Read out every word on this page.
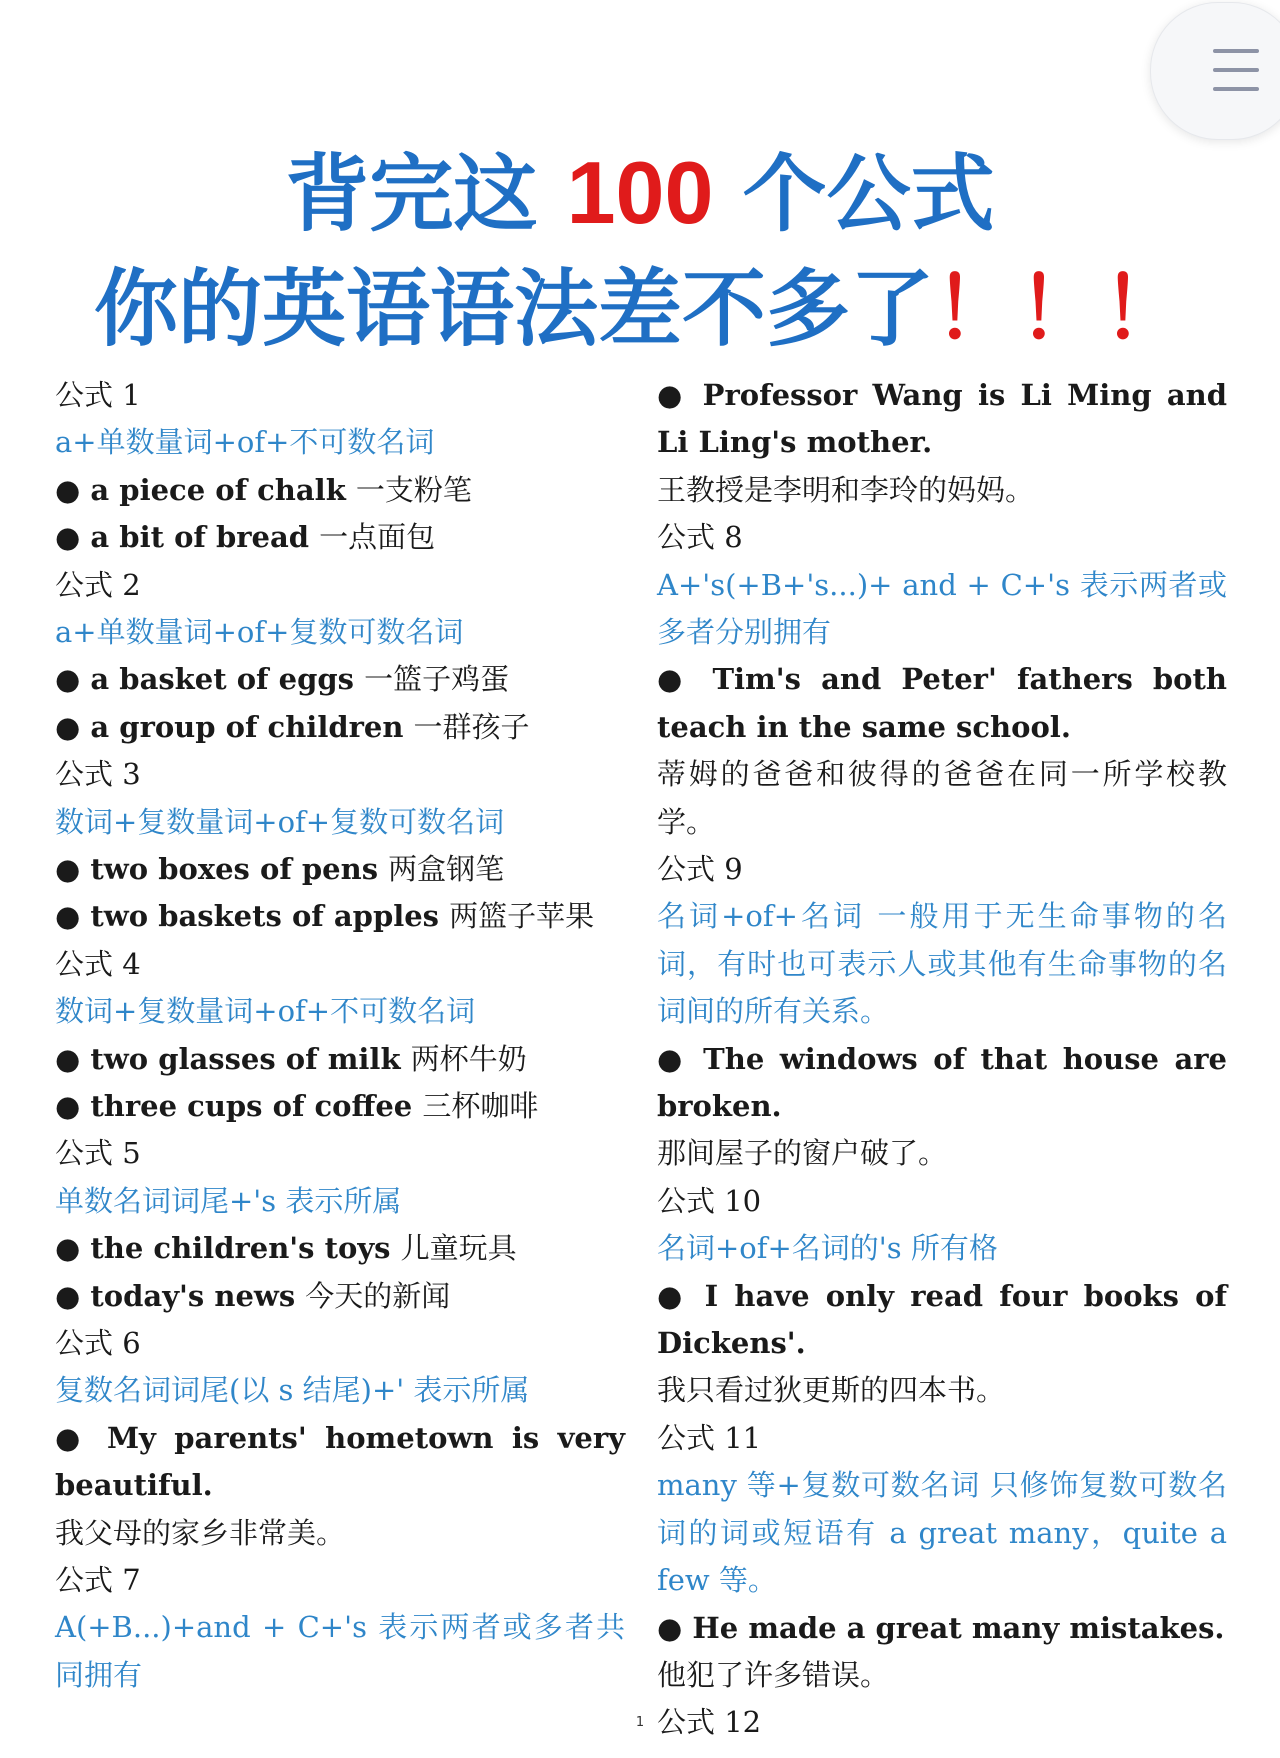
背完这 100 个公式
你的英语语法差不多了！！！
公式 1
a+单数量词+of+不可数名词
● a piece of chalk 一支粉笔
● a bit of bread 一点面包
公式 2
a+单数量词+of+复数可数名词
● a basket of eggs 一篮子鸡蛋
● a group of children 一群孩子
公式 3
数词+复数量词+of+复数可数名词
● two boxes of pens 两盒钢笔
● two baskets of apples 两篮子苹果
公式 4
数词+复数量词+of+不可数名词
● two glasses of milk 两杯牛奶
● three cups of coffee 三杯咖啡
公式 5
单数名词词尾+'s 表示所属
● the children's toys 儿童玩具
● today's news 今天的新闻
公式 6
复数名词词尾(以 s 结尾)+' 表示所属
● My parents' hometown is very beautiful.
我父母的家乡非常美。
公式 7
A(+B...)+and + C+'s 表示两者或多者共同拥有
● Professor Wang is Li Ming and Li Ling's mother.
王教授是李明和李玲的妈妈。
公式 8
A+'s(+B+'s...)+ and + C+'s 表示两者或多者分别拥有
● Tim's and Peter' fathers both teach in the same school.
蒂姆的爸爸和彼得的爸爸在同一所学校教学。
公式 9
名词+of+名词 一般用于无生命事物的名词，有时也可表示人或其他有生命事物的名词间的所有关系。
● The windows of that house are broken.
那间屋子的窗户破了。
公式 10
名词+of+名词的's 所有格
● I have only read four books of Dickens'.
我只看过狄更斯的四本书。
公式 11
many 等+复数可数名词 只修饰复数可数名词的词或短语有 a great many，quite a few 等。
● He made a great many mistakes.
他犯了许多错误。
公式 12
1
